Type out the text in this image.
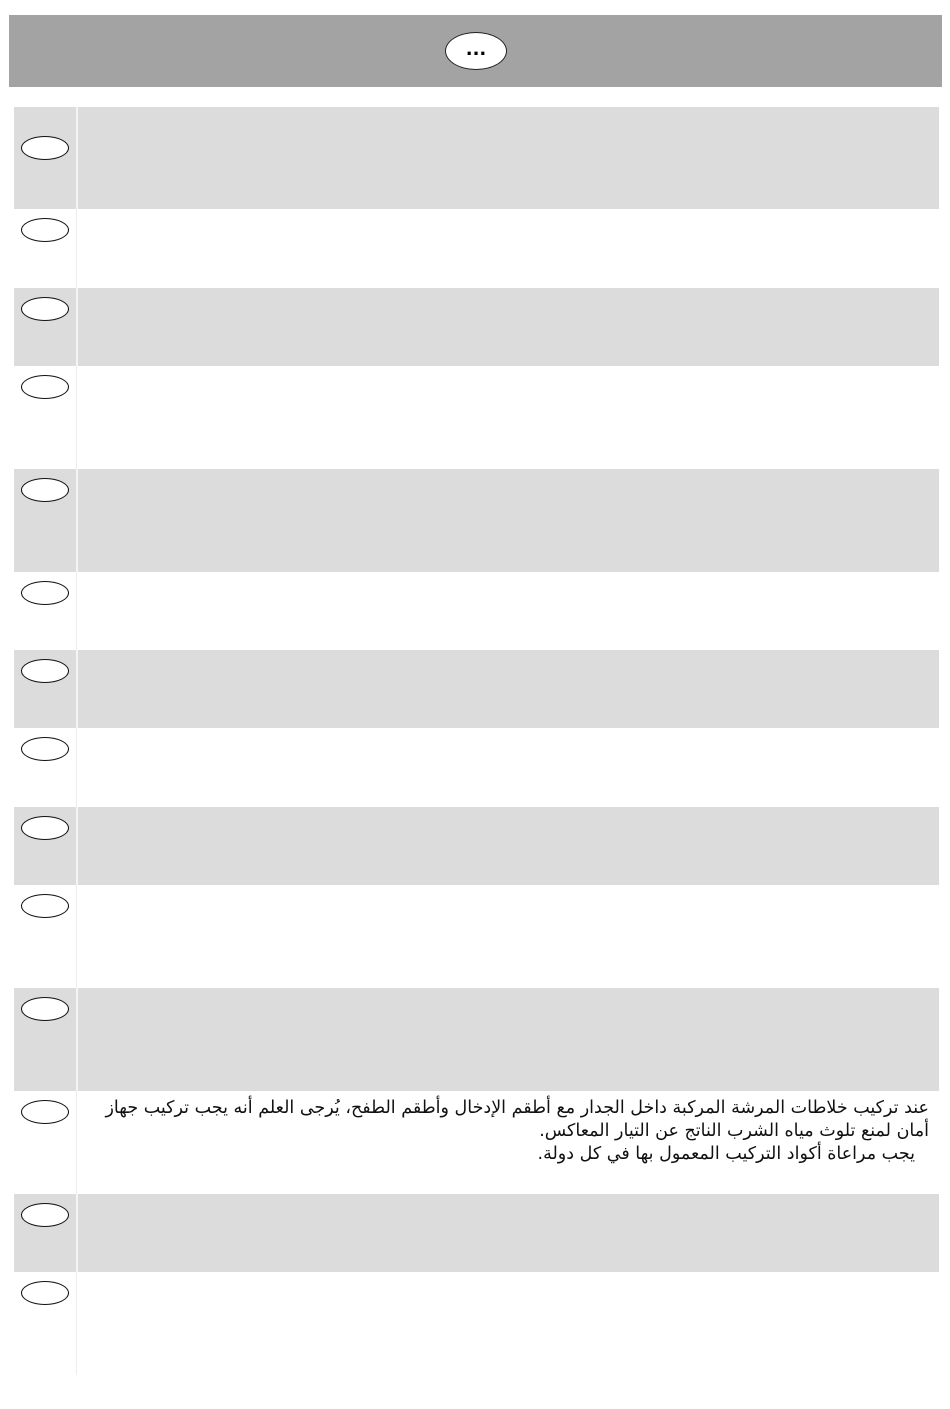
...

عند تركيب خلاطات المرشة المركبة داخل الجدار مع أطقم الإدخال وأطقم الطفح، يُرجى العلم أنه يجب تركيب جهاز أمان لمنع تلوث مياه الشرب الناتج عن التيار المعاكس.

يجب مراعاة أكواد التركيب المعمول بها في كل دولة.
